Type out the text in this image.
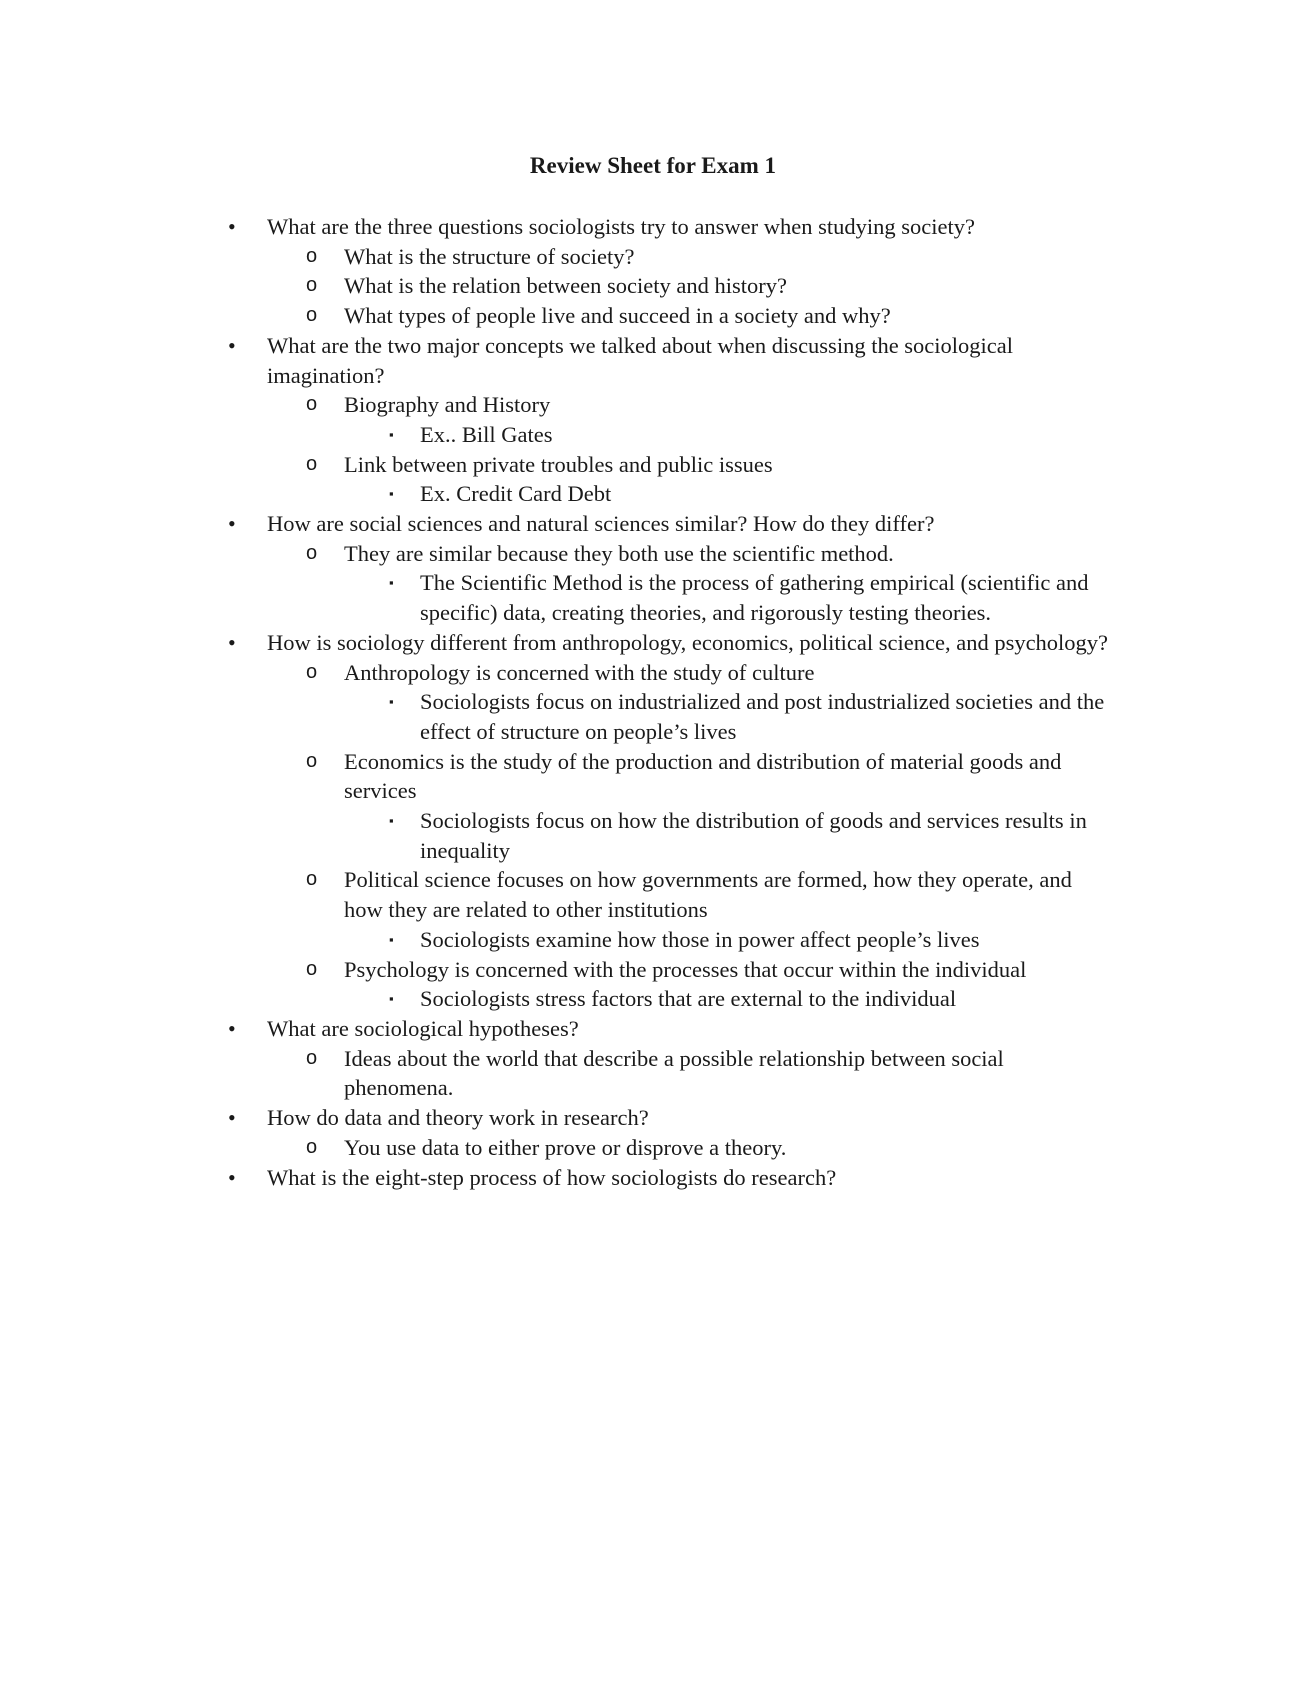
Review Sheet for Exam 1
• What are the three questions sociologists try to answer when studying society?
o What is the structure of society?
o What is the relation between society and history?
o What types of people live and succeed in a society and why?
• What are the two major concepts we talked about when discussing the sociological imagination?
o Biography and History
▪ Ex.. Bill Gates
o Link between private troubles and public issues
▪ Ex. Credit Card Debt
• How are social sciences and natural sciences similar? How do they differ?
o They are similar because they both use the scientific method.
▪ The Scientific Method is the process of gathering empirical (scientific and specific) data, creating theories, and rigorously testing theories.
• How is sociology different from anthropology, economics, political science, and psychology?
o Anthropology is concerned with the study of culture
▪ Sociologists focus on industrialized and post industrialized societies and the effect of structure on people’s lives
o Economics is the study of the production and distribution of material goods and services
▪ Sociologists focus on how the distribution of goods and services results in inequality
o Political science focuses on how governments are formed, how they operate, and how they are related to other institutions
▪ Sociologists examine how those in power affect people’s lives
o Psychology is concerned with the processes that occur within the individual
▪ Sociologists stress factors that are external to the individual
• What are sociological hypotheses?
o Ideas about the world that describe a possible relationship between social phenomena.
• How do data and theory work in research?
o You use data to either prove or disprove a theory.
• What is the eight-step process of how sociologists do research?
